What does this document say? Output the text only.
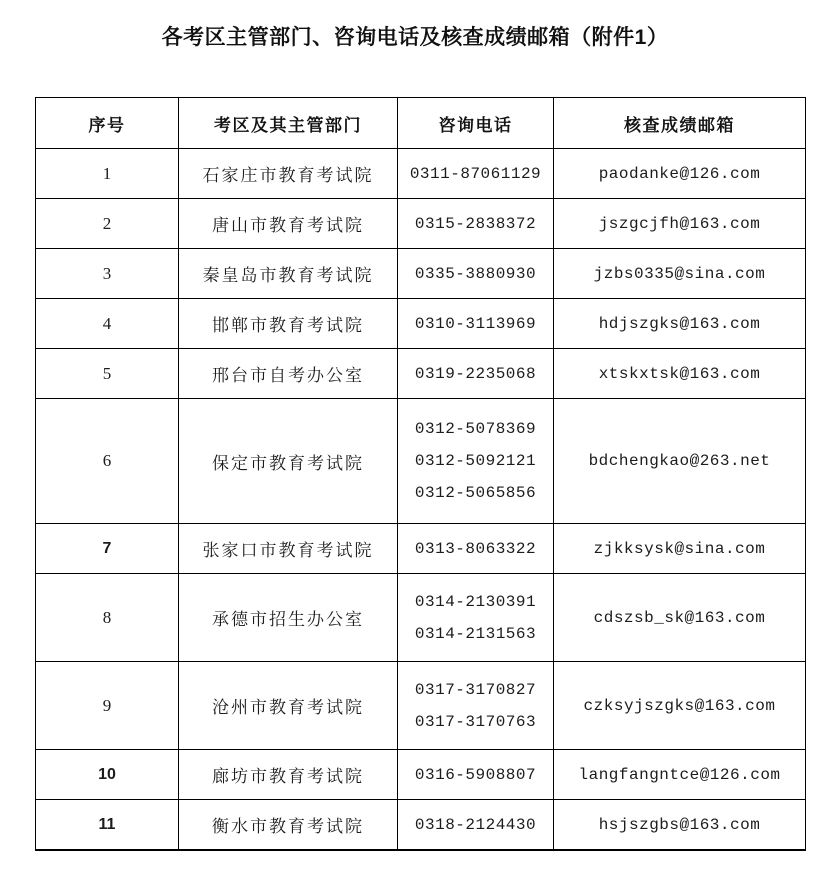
各考区主管部门、咨询电话及核查成绩邮箱（附件1）
序号	考区及其主管部门	咨询电话	核查成绩邮箱
1	石家庄市教育考试院	0311-87061129	paodanke@126.com
2	唐山市教育考试院	0315-2838372	jszgcjfh@163.com
3	秦皇岛市教育考试院	0335-3880930	jzbs0335@sina.com
4	邯郸市教育考试院	0310-3113969	hdjszgks@163.com
5	邢台市自考办公室	0319-2235068	xtskxtsk@163.com
6	保定市教育考试院	0312-5078369
0312-5092121
0312-5065856	bdchengkao@263.net
7	张家口市教育考试院	0313-8063322	zjkksysk@sina.com
8	承德市招生办公室	0314-2130391
0314-2131563	cdszsb_sk@163.com
9	沧州市教育考试院	0317-3170827
0317-3170763	czksyjszgks@163.com
10	廊坊市教育考试院	0316-5908807	langfangntce@126.com
11	衡水市教育考试院	0318-2124430	hsjszgbs@163.com
